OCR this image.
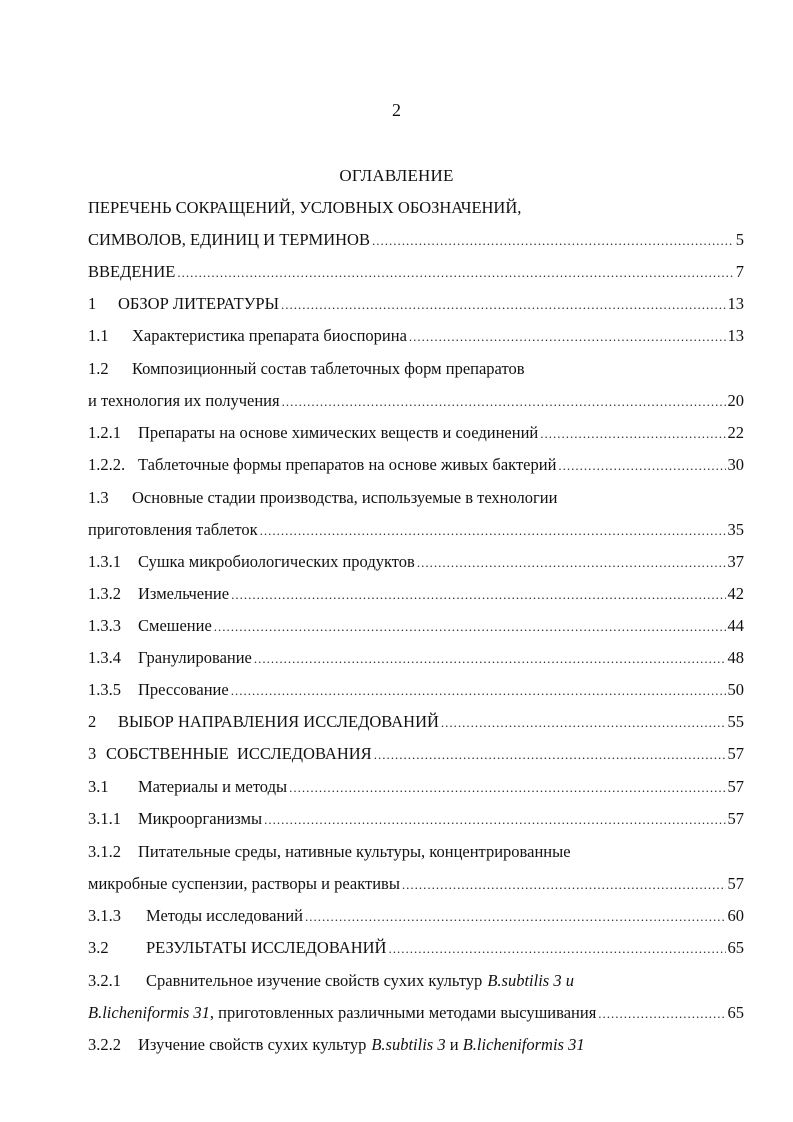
2
ОГЛАВЛЕНИЕ
ПЕРЕЧЕНЬ СОКРАЩЕНИЙ, УСЛОВНЫХ ОБОЗНАЧЕНИЙ,
СИМВОЛОВ, ЕДИНИЦ И ТЕРМИНОВ .....	5
ВВЕДЕНИЕ .....	7
1	ОБЗОР ЛИТЕРАТУРЫ .....	13
1.1	Характеристика препарата биоспорина .....	13
1.2	Композиционный состав таблеточных форм препаратов
и технология их получения .....	20
1.2.1	Препараты на основе химических веществ и соединений .....	22
1.2.2. Таблеточные формы препаратов на основе живых бактерий .....	30
1.3	Основные стадии производства, используемые в технологии
приготовления таблеток .....	35
1.3.1	Сушка микробиологических продуктов .....	37
1.3.2	Измельчение .....	42
1.3.3	Смешение .....	44
1.3.4	Гранулирование .....	48
1.3.5	Прессование .....	50
2	ВЫБОР НАПРАВЛЕНИЯ ИССЛЕДОВАНИЙ .....	55
3 СОБСТВЕННЫЕ  ИССЛЕДОВАНИЯ .....	57
3.1	Материалы и методы .....	57
3.1.1	Микроорганизмы .....	57
3.1.2	Питательные среды, нативные культуры, концентрированные
микробные суспензии, растворы и реактивы .....	57
3.1.3	Методы исследований .....	60
3.2	РЕЗУЛЬТАТЫ ИССЛЕДОВАНИЙ .....	65
3.2.1	Сравнительное изучение свойств сухих культур B.subtilis 3 и
B.licheniformis 31 , приготовленных различными методами высушивания .....	65
3.2.2	Изучение свойств сухих культур B.subtilis 3 и B.licheniformis 31
